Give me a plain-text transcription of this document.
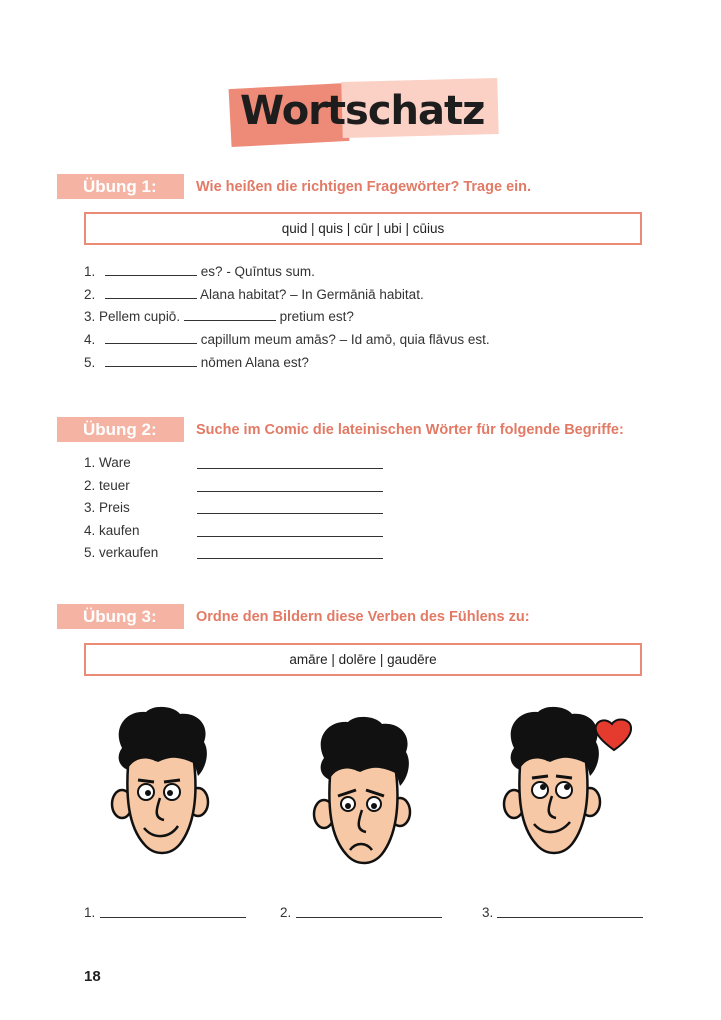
Wortschatz
Übung 1:	Wie heißen die richtigen Fragewörter? Trage ein.
quid | quis | cūr | ubi | cūius
1.	es? - Quīntus sum.
2.	Alana habitat? – In Germāniā habitat.
3. Pellem cupiō.	pretium est?
4.	capillum meum amās? – Id amō, quia flāvus est.
5.	nōmen Alana est?
Übung 2:	Suche im Comic die lateinischen Wörter für folgende Begriffe:
1. Ware
2. teuer
3. Preis
4. kaufen
5. verkaufen
Übung 3:	Ordne den Bildern diese Verben des Fühlens zu:
amāre | dolēre | gaudēre
1.	2.	3.
18
